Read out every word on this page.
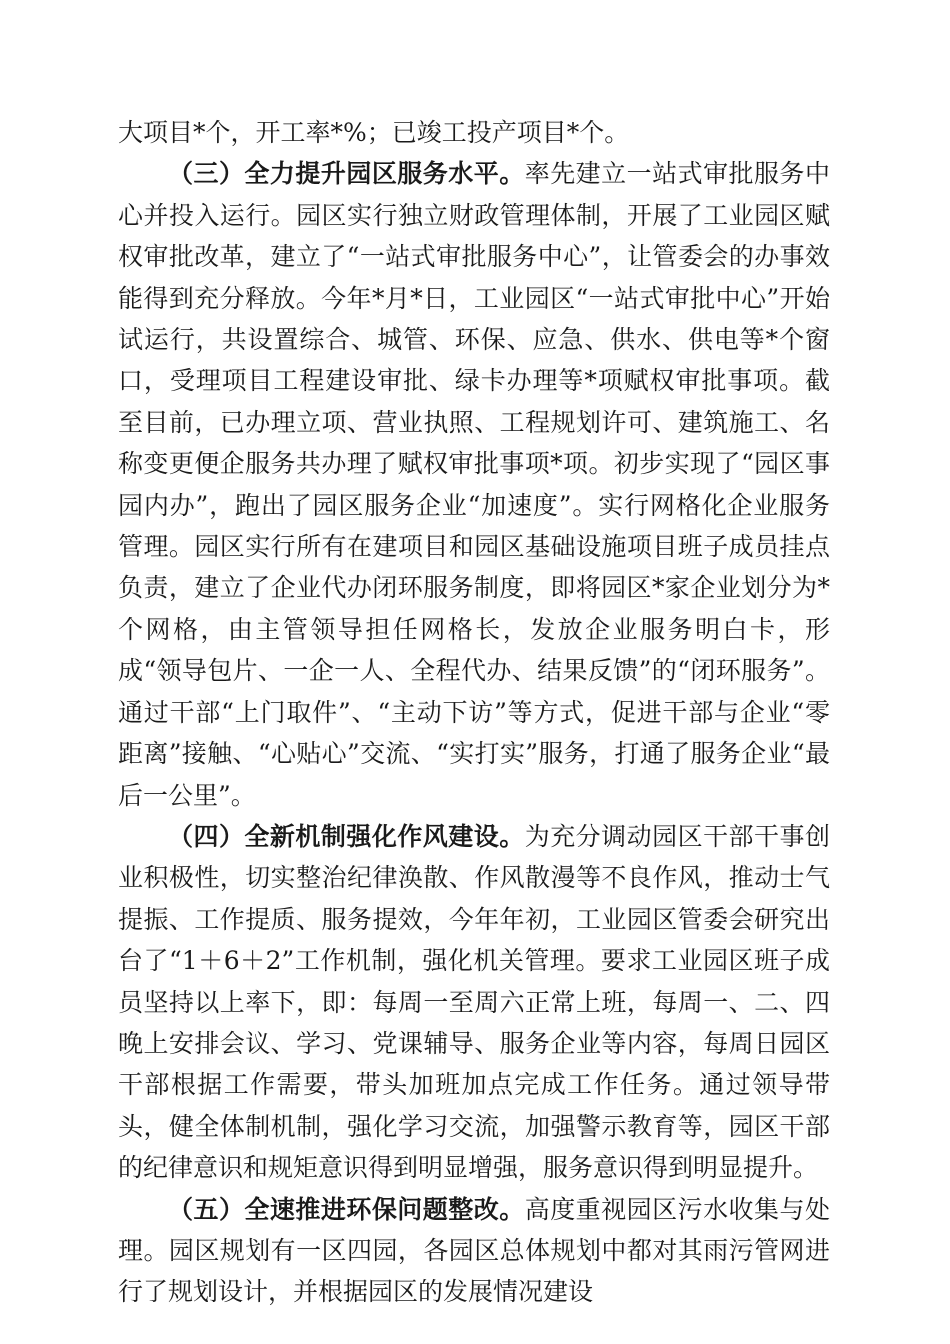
大项目*个，开工率*%；已竣工投产项目*个。

（三）全力提升园区服务水平。率先建立一站式审批服务中心并投入运行。园区实行独立财政管理体制，开展了工业园区赋权审批改革，建立了“一站式审批服务中心”，让管委会的办事效能得到充分释放。今年*月*日，工业园区“一站式审批中心”开始试运行，共设置综合、城管、环保、应急、供水、供电等*个窗口，受理项目工程建设审批、绿卡办理等*项赋权审批事项。截至目前，已办理立项、营业执照、工程规划许可、建筑施工、名称变更便企服务共办理了赋权审批事项*项。初步实现了“园区事园内办”，跑出了园区服务企业“加速度”。实行网格化企业服务管理。园区实行所有在建项目和园区基础设施项目班子成员挂点负责，建立了企业代办闭环服务制度，即将园区*家企业划分为*个网格，由主管领导担任网格长，发放企业服务明白卡，形成“领导包片、一企一人、全程代办、结果反馈”的“闭环服务”。通过干部“上门取件”、“主动下访”等方式，促进干部与企业“零距离”接触、“心贴心”交流、“实打实”服务，打通了服务企业“最后一公里”。

（四）全新机制强化作风建设。为充分调动园区干部干事创业积极性，切实整治纪律涣散、作风散漫等不良作风，推动士气提振、工作提质、服务提效，今年年初，工业园区管委会研究出台了“1＋6＋2”工作机制，强化机关管理。要求工业园区班子成员坚持以上率下，即：每周一至周六正常上班，每周一、二、四晚上安排会议、学习、党课辅导、服务企业等内容，每周日园区干部根据工作需要，带头加班加点完成工作任务。通过领导带头，健全体制机制，强化学习交流，加强警示教育等，园区干部的纪律意识和规矩意识得到明显增强，服务意识得到明显提升。

（五）全速推进环保问题整改。高度重视园区污水收集与处理。园区规划有一区四园，各园区总体规划中都对其雨污管网进行了规划设计，并根据园区的发展情况建设
